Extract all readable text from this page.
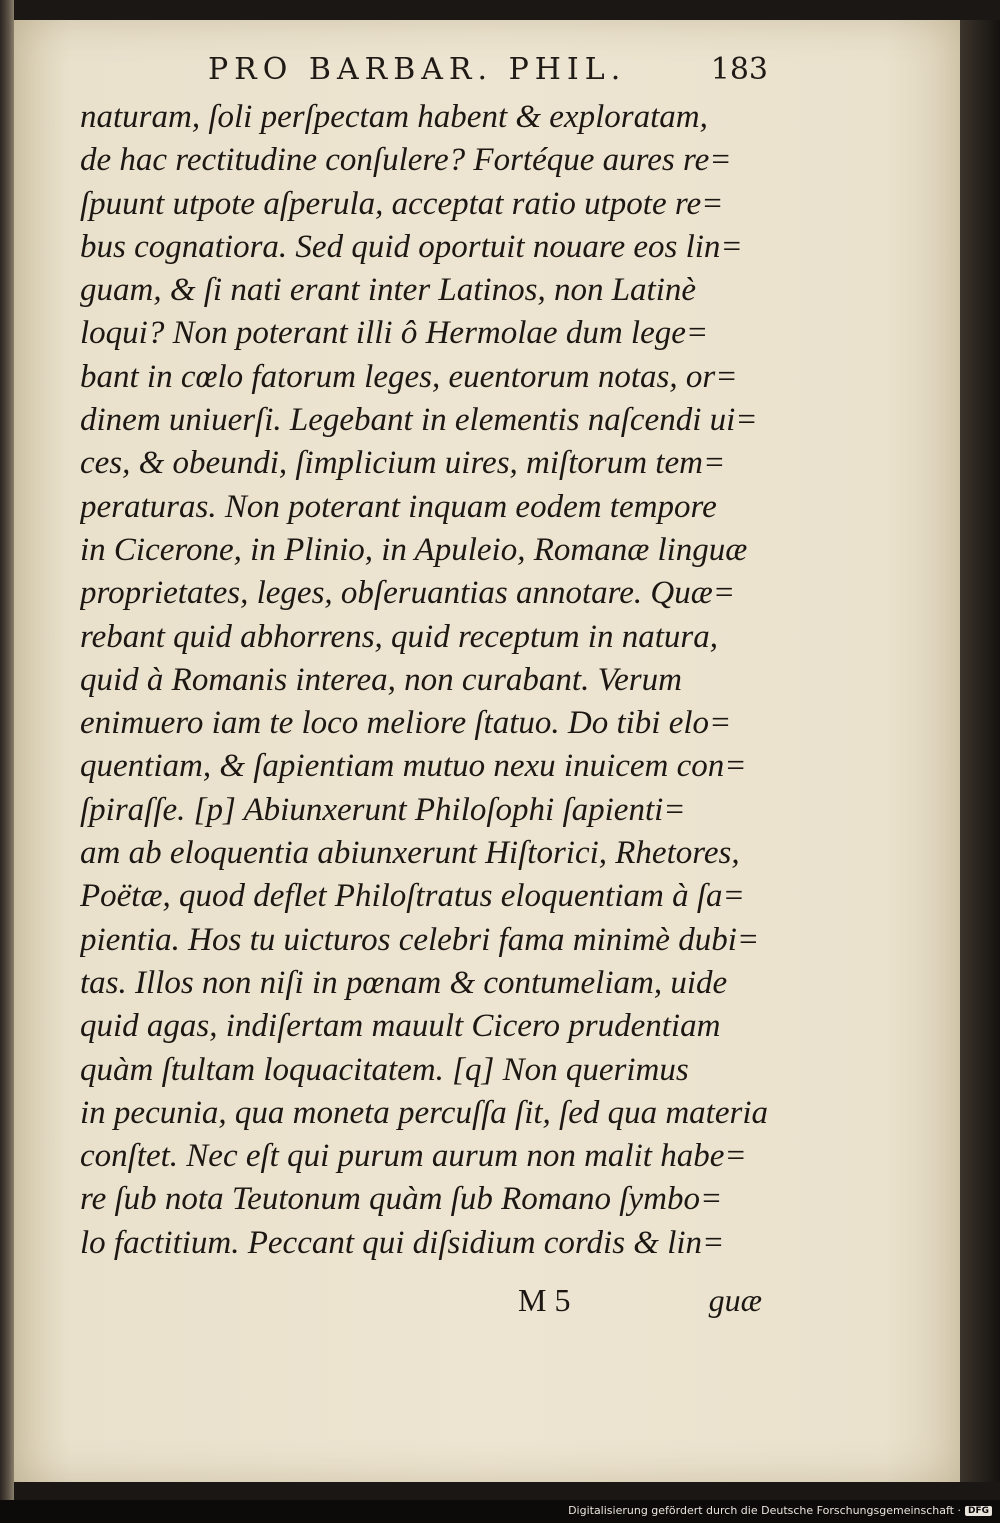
PRO BARBAR. PHIL.	183
naturam, ſoli perſpectam habent & exploratam,
de hac rectitudine conſulere? Fortéque aures re=
ſpuunt utpote aſperula, acceptat ratio utpote re=
bus cognatiora. Sed quid oportuit nouare eos lin=
guam, & ſi nati erant inter Latinos, non Latinè
loqui? Non poterant illi ô Hermolae dum lege=
bant in cœlo fatorum leges, euentorum notas, or=
dinem uniuerſi. Legebant in elementis naſcendi ui=
ces, & obeundi, ſimplicium uires, miſtorum tem=
peraturas. Non poterant inquam eodem tempore
in Cicerone, in Plinio, in Apuleio, Romanæ linguæ
proprietates, leges, obſeruantias annotare. Quæ=
rebant quid abhorrens, quid receptum in natura,
quid à Romanis interea, non curabant. Verum
enimuero iam te loco meliore ſtatuo. Do tibi elo=
quentiam, & ſapientiam mutuo nexu inuicem con=
ſpiraſſe. [p] Abiunxerunt Philoſophi ſapienti=
am ab eloquentia abiunxerunt Hiſtorici, Rhetores,
Poëtæ, quod deflet Philoſtratus eloquentiam à ſa=
pientia. Hos tu uicturos celebri fama minimè dubi=
tas. Illos non niſi in pœnam & contumeliam, uide
quid agas, indiſertam mauult Cicero prudentiam
quàm ſtultam loquacitatem. [q] Non querimus
in pecunia, qua moneta percuſſa ſit, ſed qua materia
conſtet. Nec eſt qui purum aurum non malit habe=
re ſub nota Teutonum quàm ſub Romano ſymbo=
lo factitium. Peccant qui diſsidium cordis & lin=
M 5	guæ
Digitalisierung gefördert durch die Deutsche Forschungsgemeinschaft · DFG
